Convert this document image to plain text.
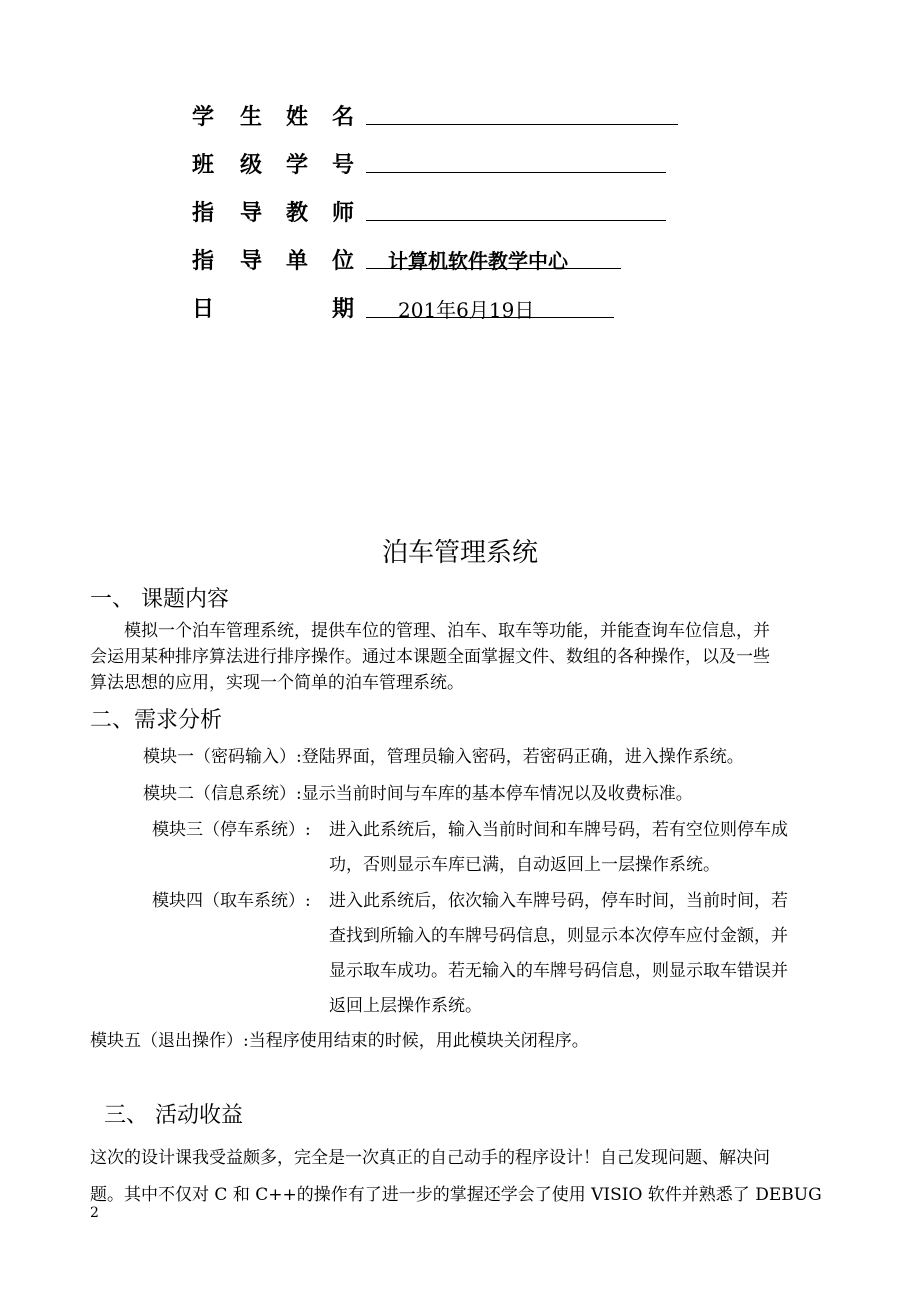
学 生 姓 名
班 级 学 号
指 导 教 师
指 导 单 位 计算机软件教学中心
日	期 201年6月19日
泊车管理系统
一、 课题内容
模拟一个泊车管理系统，提供车位的管理、泊车、取车等功能，并能查询车位信息，并
会运用某种排序算法进行排序操作。通过本课题全面掌握文件、数组的各种操作，以及一些
算法思想的应用，实现一个简单的泊车管理系统。
二、需求分析
模块一（密码输入）:登陆界面，管理员输入密码，若密码正确，进入操作系统。
模块二（信息系统）:显示当前时间与车库的基本停车情况以及收费标准。
模块三（停车系统）: 进入此系统后，输入当前时间和车牌号码，若有空位则停车成
功，否则显示车库已满，自动返回上一层操作系统。
模块四（取车系统）: 进入此系统后，依次输入车牌号码，停车时间，当前时间，若
查找到所输入的车牌号码信息，则显示本次停车应付金额，并
显示取车成功。若无输入的车牌号码信息，则显示取车错误并
返回上层操作系统。
模块五（退出操作）:当程序使用结束的时候，用此模块关闭程序。
三、 活动收益
这次的设计课我受益颇多，完全是一次真正的自己动手的程序设计！自己发现问题、解决问
题。其中不仅对 C 和 C++的操作有了进一步的掌握还学会了使用 VISIO 软件并熟悉了 DEBUG
2
